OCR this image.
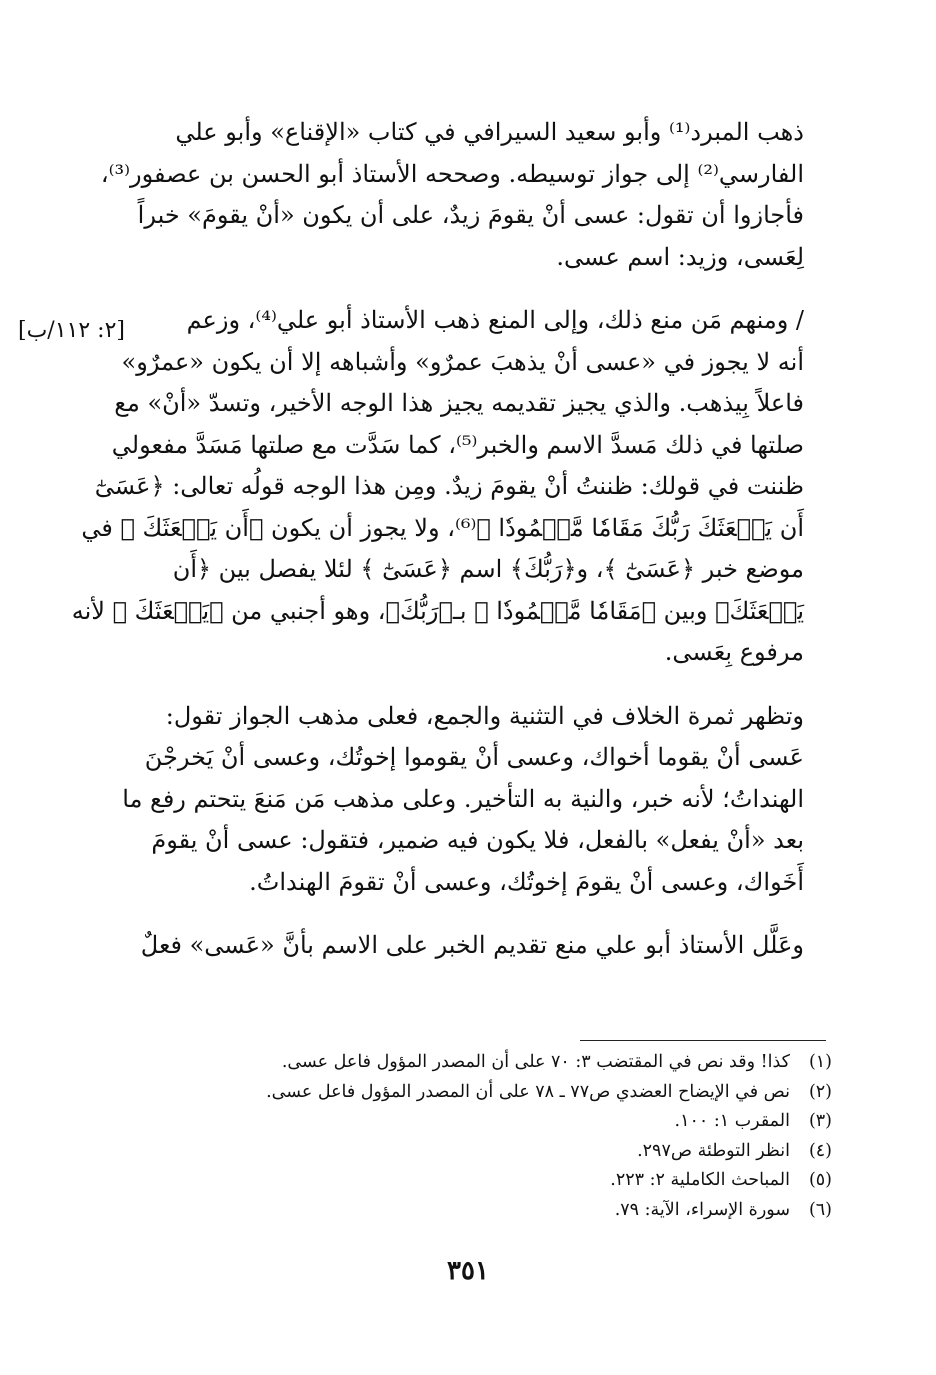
[٢: ١١٢/ب]

ذهب المبرد⁽¹⁾ وأبو سعيد السيرافي في كتاب «الإقناع» وأبو علي
الفارسي⁽²⁾ إلى جواز توسيطه. وصححه الأستاذ أبو الحسن بن عصفور⁽³⁾،
فأجازوا أن تقول: عسى أنْ يقومَ زيدٌ، على أن يكون «أنْ يقومَ» خبراً
لِعَسى، وزيد: اسم عسى.

/ ومنهم مَن منع ذلك، وإلى المنع ذهب الأستاذ أبو علي⁽⁴⁾، وزعم
أنه لا يجوز في «عسى أنْ يذهبَ عمرٌو» وأشباهه إلا أن يكون «عمرٌو»
فاعلاً بِيذهب. والذي يجيز تقديمه يجيز هذا الوجه الأخير، وتسدّ «أنْ» مع
صلتها في ذلك مَسدَّ الاسم والخبر⁽⁵⁾، كما سَدَّت مع صلتها مَسَدَّ مفعولي
ظننت في قولك: ظننتُ أنْ يقومَ زيدٌ. ومِن هذا الوجه قولُه تعالى: ﴿عَسَىٰٓ
أَن يَبۡعَثَكَ رَبُّكَ مَقَامٗا مَّحۡمُودٗا ﴾⁽⁶⁾، ولا يجوز أن يكون ﴿أَن يَبۡعَثَكَ ﴾ في
موضع خبر ﴿عَسَىٰٓ ﴾، و﴿رَبُّكَ﴾ اسم ﴿عَسَىٰٓ ﴾ لئلا يفصل بين ﴿أَن
يَبۡعَثَكَ﴾ وبين ﴿مَقَامٗا مَّحۡمُودٗا ﴾ بـ﴿رَبُّكَ﴾، وهو أجنبي من ﴿يَبۡعَثَكَ ﴾ لأنه
مرفوع بِعَسى.

وتظهر ثمرة الخلاف في التثنية والجمع، فعلى مذهب الجواز تقول:
عَسى أنْ يقوما أخواك، وعسى أنْ يقوموا إخوتُك، وعسى أنْ يَخرجْنَ
الهنداتُ؛ لأنه خبر، والنية به التأخير. وعلى مذهب مَن مَنعَ يتحتم رفع ما
بعد «أنْ يفعل» بالفعل، فلا يكون فيه ضمير، فتقول: عسى أنْ يقومَ
أَخَواك، وعسى أنْ يقومَ إخوتُك، وعسى أنْ تقومَ الهنداتُ.

وعَلَّل الأستاذ أبو علي منع تقديم الخبر على الاسم بأنَّ «عَسى» فعلٌ

(١)
كذا! وقد نص في المقتضب ٣: ٧٠ على أن المصدر المؤول فاعل عسى.
(٢)
نص في الإيضاح العضدي ص٧٧ ـ ٧٨ على أن المصدر المؤول فاعل عسى.
(٣)
المقرب ١: ١٠٠.
(٤)
انظر التوطئة ص٢٩٧.
(٥)
المباحث الكاملية ٢: ٢٢٣.
(٦)
سورة الإسراء، الآية: ٧٩.
٣٥١
